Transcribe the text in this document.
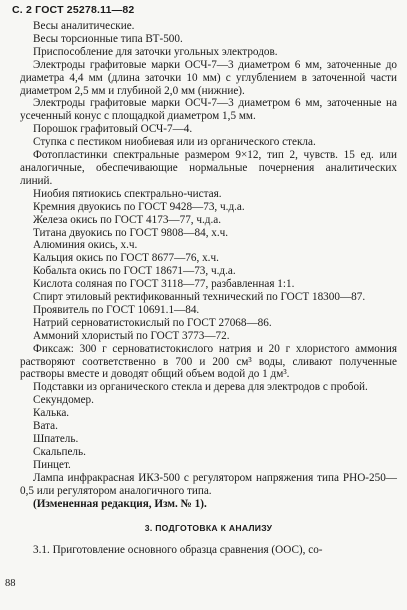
С. 2 ГОСТ 25278.11—82

Весы аналитические.

Весы торсионные типа ВТ-500.

Приспособление для заточки угольных электродов.

Электроды графитовые марки ОСЧ-7—3 диаметром 6 мм, заточенные до диаметра 4,4 мм (длина заточки 10 мм) с углублением в заточенной части диаметром 2,5 мм и глубиной 2,0 мм (нижние).

Электроды графитовые марки ОСЧ-7—3 диаметром 6 мм, заточенные на усеченный конус с площадкой диаметром 1,5 мм.

Порошок графитовый ОСЧ-7—4.

Ступка с пестиком ниобиевая или из органического стекла.

Фотопластинки спектральные размером 9×12, тип 2, чувств. 15 ед. или аналогичные, обеспечивающие нормальные почернения аналитических линий.

Ниобия пятиокись спектрально-чистая.

Кремния двуокись по ГОСТ 9428—73, ч.д.а.

Железа окись по ГОСТ 4173—77, ч.д.а.

Титана двуокись по ГОСТ 9808—84, х.ч.

Алюминия окись, х.ч.

Кальция окись по ГОСТ 8677—76, х.ч.

Кобальта окись по ГОСТ 18671—73, ч.д.а.

Кислота соляная по ГОСТ 3118—77, разбавленная 1:1.

Спирт этиловый ректификованный технический по ГОСТ 18300—87.

Проявитель по ГОСТ 10691.1—84.

Натрий серноватистокислый по ГОСТ 27068—86.

Аммоний хлористый по ГОСТ 3773—72.

Фиксаж: 300 г серноватистокислого натрия и 20 г хлористого аммония растворяют соответственно в 700 и 200 см³ воды, сливают полученные растворы вместе и доводят общий объем водой до 1 дм³.

Подставки из органического стекла и дерева для электродов с пробой.

Секундомер.

Калька.

Вата.

Шпатель.

Скальпель.

Пинцет.

Лампа инфракрасная ИКЗ-500 с регулятором напряжения типа РНО-250—0,5 или регулятором аналогичного типа.

(Измененная редакция, Изм. № 1).

3. ПОДГОТОВКА К АНАЛИЗУ

3.1. Приготовление основного образца сравнения (ООС), со-

88
